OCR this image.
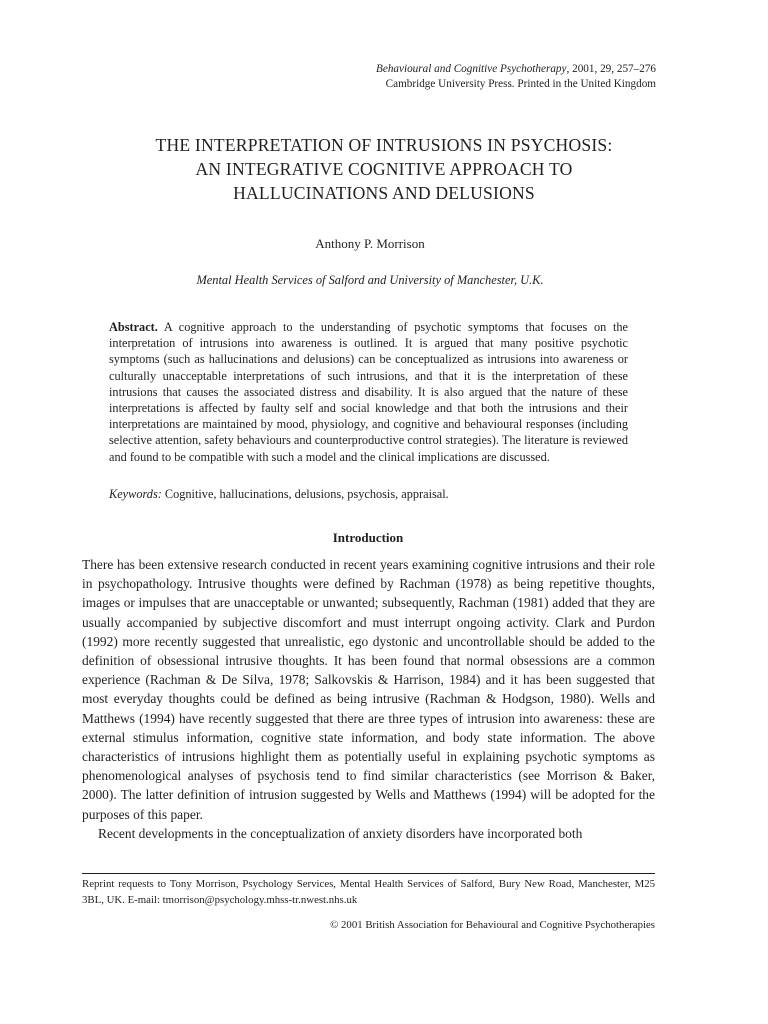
Behavioural and Cognitive Psychotherapy, 2001, 29, 257–276
Cambridge University Press. Printed in the United Kingdom
THE INTERPRETATION OF INTRUSIONS IN PSYCHOSIS:
AN INTEGRATIVE COGNITIVE APPROACH TO
HALLUCINATIONS AND DELUSIONS
Anthony P. Morrison
Mental Health Services of Salford and University of Manchester, U.K.
Abstract. A cognitive approach to the understanding of psychotic symptoms that focuses on the interpretation of intrusions into awareness is outlined. It is argued that many positive psychotic symptoms (such as hallucinations and delusions) can be conceptualized as intrusions into awareness or culturally unacceptable interpretations of such intrusions, and that it is the interpretation of these intrusions that causes the associated distress and disability. It is also argued that the nature of these interpretations is affected by faulty self and social knowledge and that both the intrusions and their interpretations are maintained by mood, physiology, and cognitive and behavioural responses (including selective attention, safety behaviours and counterproductive control strategies). The literature is reviewed and found to be compatible with such a model and the clinical implications are discussed.
Keywords: Cognitive, hallucinations, delusions, psychosis, appraisal.
Introduction

There has been extensive research conducted in recent years examining cognitive intrusions and their role in psychopathology. Intrusive thoughts were defined by Rachman (1978) as being repetitive thoughts, images or impulses that are unacceptable or unwanted; subsequently, Rachman (1981) added that they are usually accompanied by subjective discomfort and must interrupt ongoing activity. Clark and Purdon (1992) more recently suggested that unrealistic, ego dystonic and uncontrollable should be added to the definition of obsessional intrusive thoughts. It has been found that normal obsessions are a common experience (Rachman & De Silva, 1978; Salkovskis & Harrison, 1984) and it has been suggested that most everyday thoughts could be defined as being intrusive (Rachman & Hodgson, 1980). Wells and Matthews (1994) have recently suggested that there are three types of intrusion into awareness: these are external stimulus information, cognitive state information, and body state information. The above characteristics of intrusions highlight them as potentially useful in explaining psychotic symptoms as phenomenological analyses of psychosis tend to find similar characteristics (see Morrison & Baker, 2000). The latter definition of intrusion suggested by Wells and Matthews (1994) will be adopted for the purposes of this paper.

Recent developments in the conceptualization of anxiety disorders have incorporated both

Reprint requests to Tony Morrison, Psychology Services, Mental Health Services of Salford, Bury New Road, Manchester, M25 3BL, UK. E-mail: tmorrison@psychology.mhss-tr.nwest.nhs.uk
© 2001 British Association for Behavioural and Cognitive Psychotherapies
